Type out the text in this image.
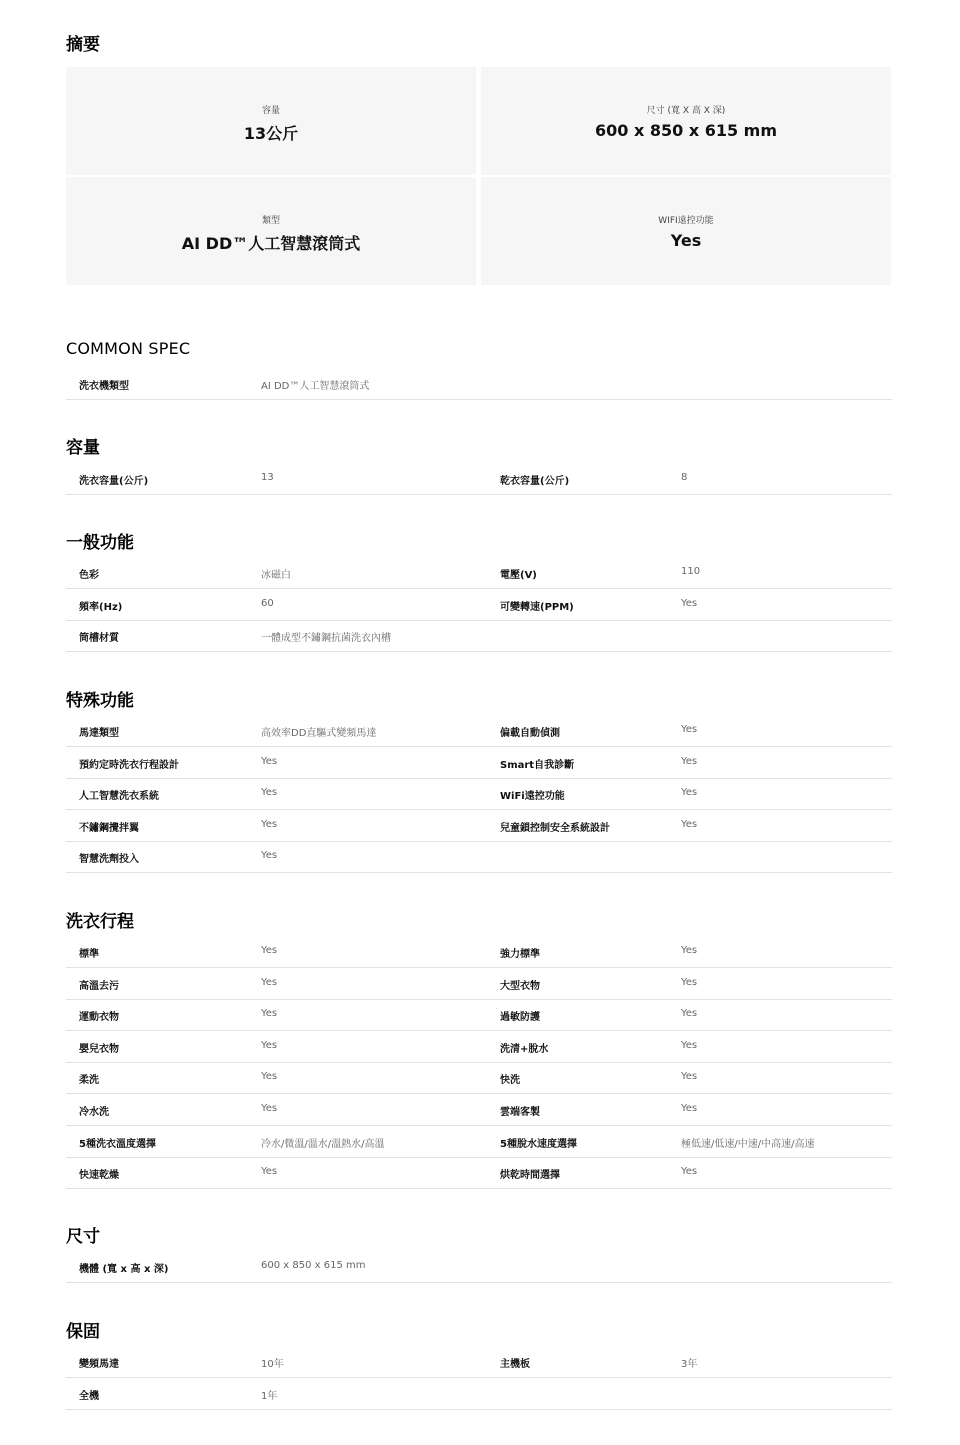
摘要
容量
13公斤
尺寸 (寬 X 高 X 深)
600 x 850 x 615 mm
類型
AI DD™人工智慧滾筒式
WIFI遠控功能
Yes
COMMON SPEC
洗衣機類型	AI DD™人工智慧滾筒式
容量
洗衣容量(公斤)	13	乾衣容量(公斤)	8
一般功能
色彩	冰磁白	電壓(V)	110
頻率(Hz)	60	可變轉速(PPM)	Yes
筒槽材質	一體成型不鏽鋼抗菌洗衣內槽
特殊功能
馬達類型	高效率DD直驅式變頻馬達	偏載自動偵測	Yes
預約定時洗衣行程設計	Yes	Smart自我診斷	Yes
人工智慧洗衣系統	Yes	WiFi遠控功能	Yes
不鏽鋼攪拌翼	Yes	兒童鎖控制安全系統設計	Yes
智慧洗劑投入	Yes
洗衣行程
標準	Yes	強力標準	Yes
高溫去污	Yes	大型衣物	Yes
運動衣物	Yes	過敏防護	Yes
嬰兒衣物	Yes	洗清+脫水	Yes
柔洗	Yes	快洗	Yes
冷水洗	Yes	雲端客製	Yes
5種洗衣溫度選擇	冷水/微溫/溫水/溫熱水/高溫	5種脫水速度選擇	極低速/低速/中速/中高速/高速
快速乾燥	Yes	烘乾時間選擇	Yes
尺寸
機體 (寬 x 高 x 深)	600 x 850 x 615 mm
保固
變頻馬達	10年	主機板	3年
全機	1年
